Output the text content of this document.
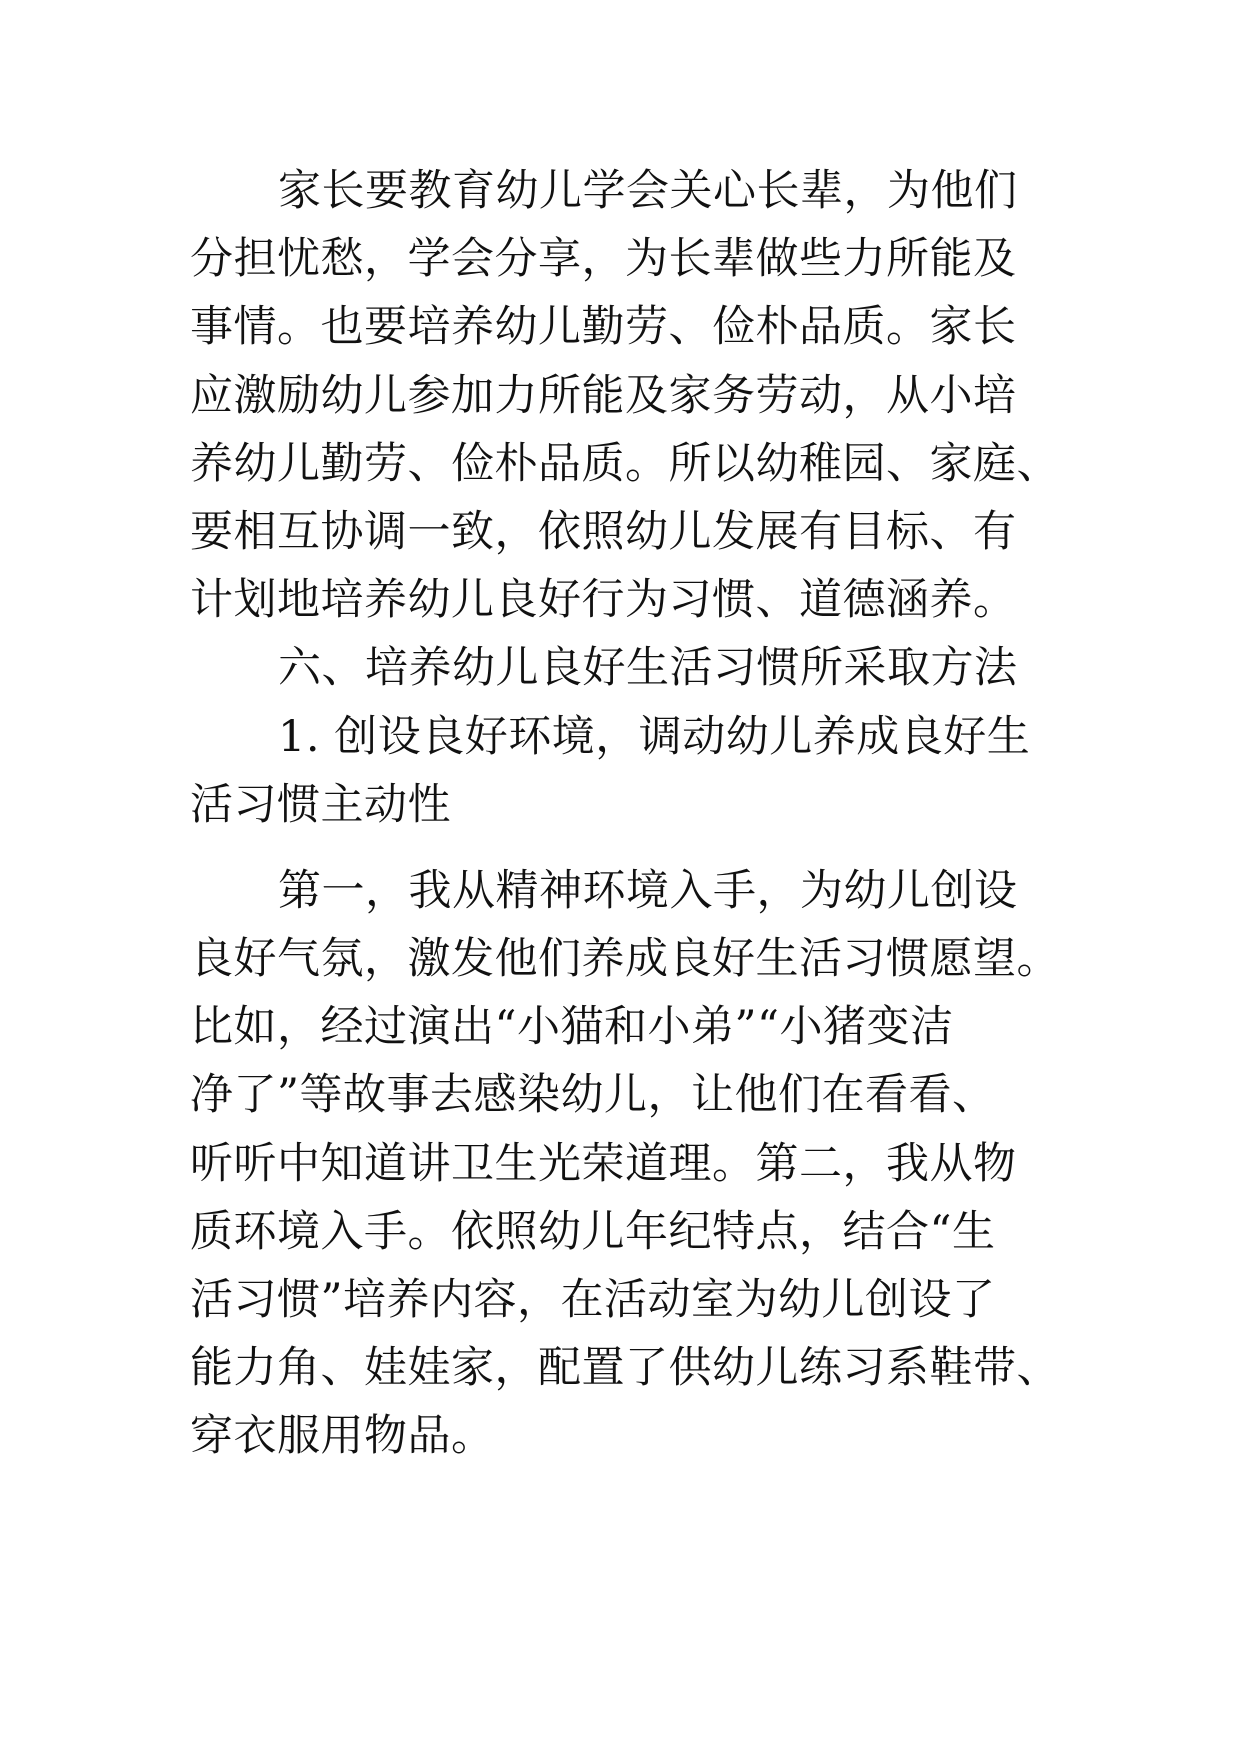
家长要教育幼儿学会关心长辈，为他们
分担忧愁，学会分享，为长辈做些力所能及
事情。也要培养幼儿勤劳、俭朴品质。家长
应激励幼儿参加力所能及家务劳动，从小培
养幼儿勤劳、俭朴品质。所以幼稚园、家庭、
要相互协调一致，依照幼儿发展有目标、有
计划地培养幼儿良好行为习惯、道德涵养。
六、培养幼儿良好生活习惯所采取方法
1. 创设良好环境，调动幼儿养成良好生
活习惯主动性
第一，我从精神环境入手，为幼儿创设
良好气氛，激发他们养成良好生活习惯愿望。
比如，经过演出“小猫和小弟”“小猪变洁
净了”等故事去感染幼儿，让他们在看看、
听听中知道讲卫生光荣道理。第二，我从物
质环境入手。依照幼儿年纪特点，结合“生
活习惯”培养内容，在活动室为幼儿创设了
能力角、娃娃家，配置了供幼儿练习系鞋带、
穿衣服用物品。
